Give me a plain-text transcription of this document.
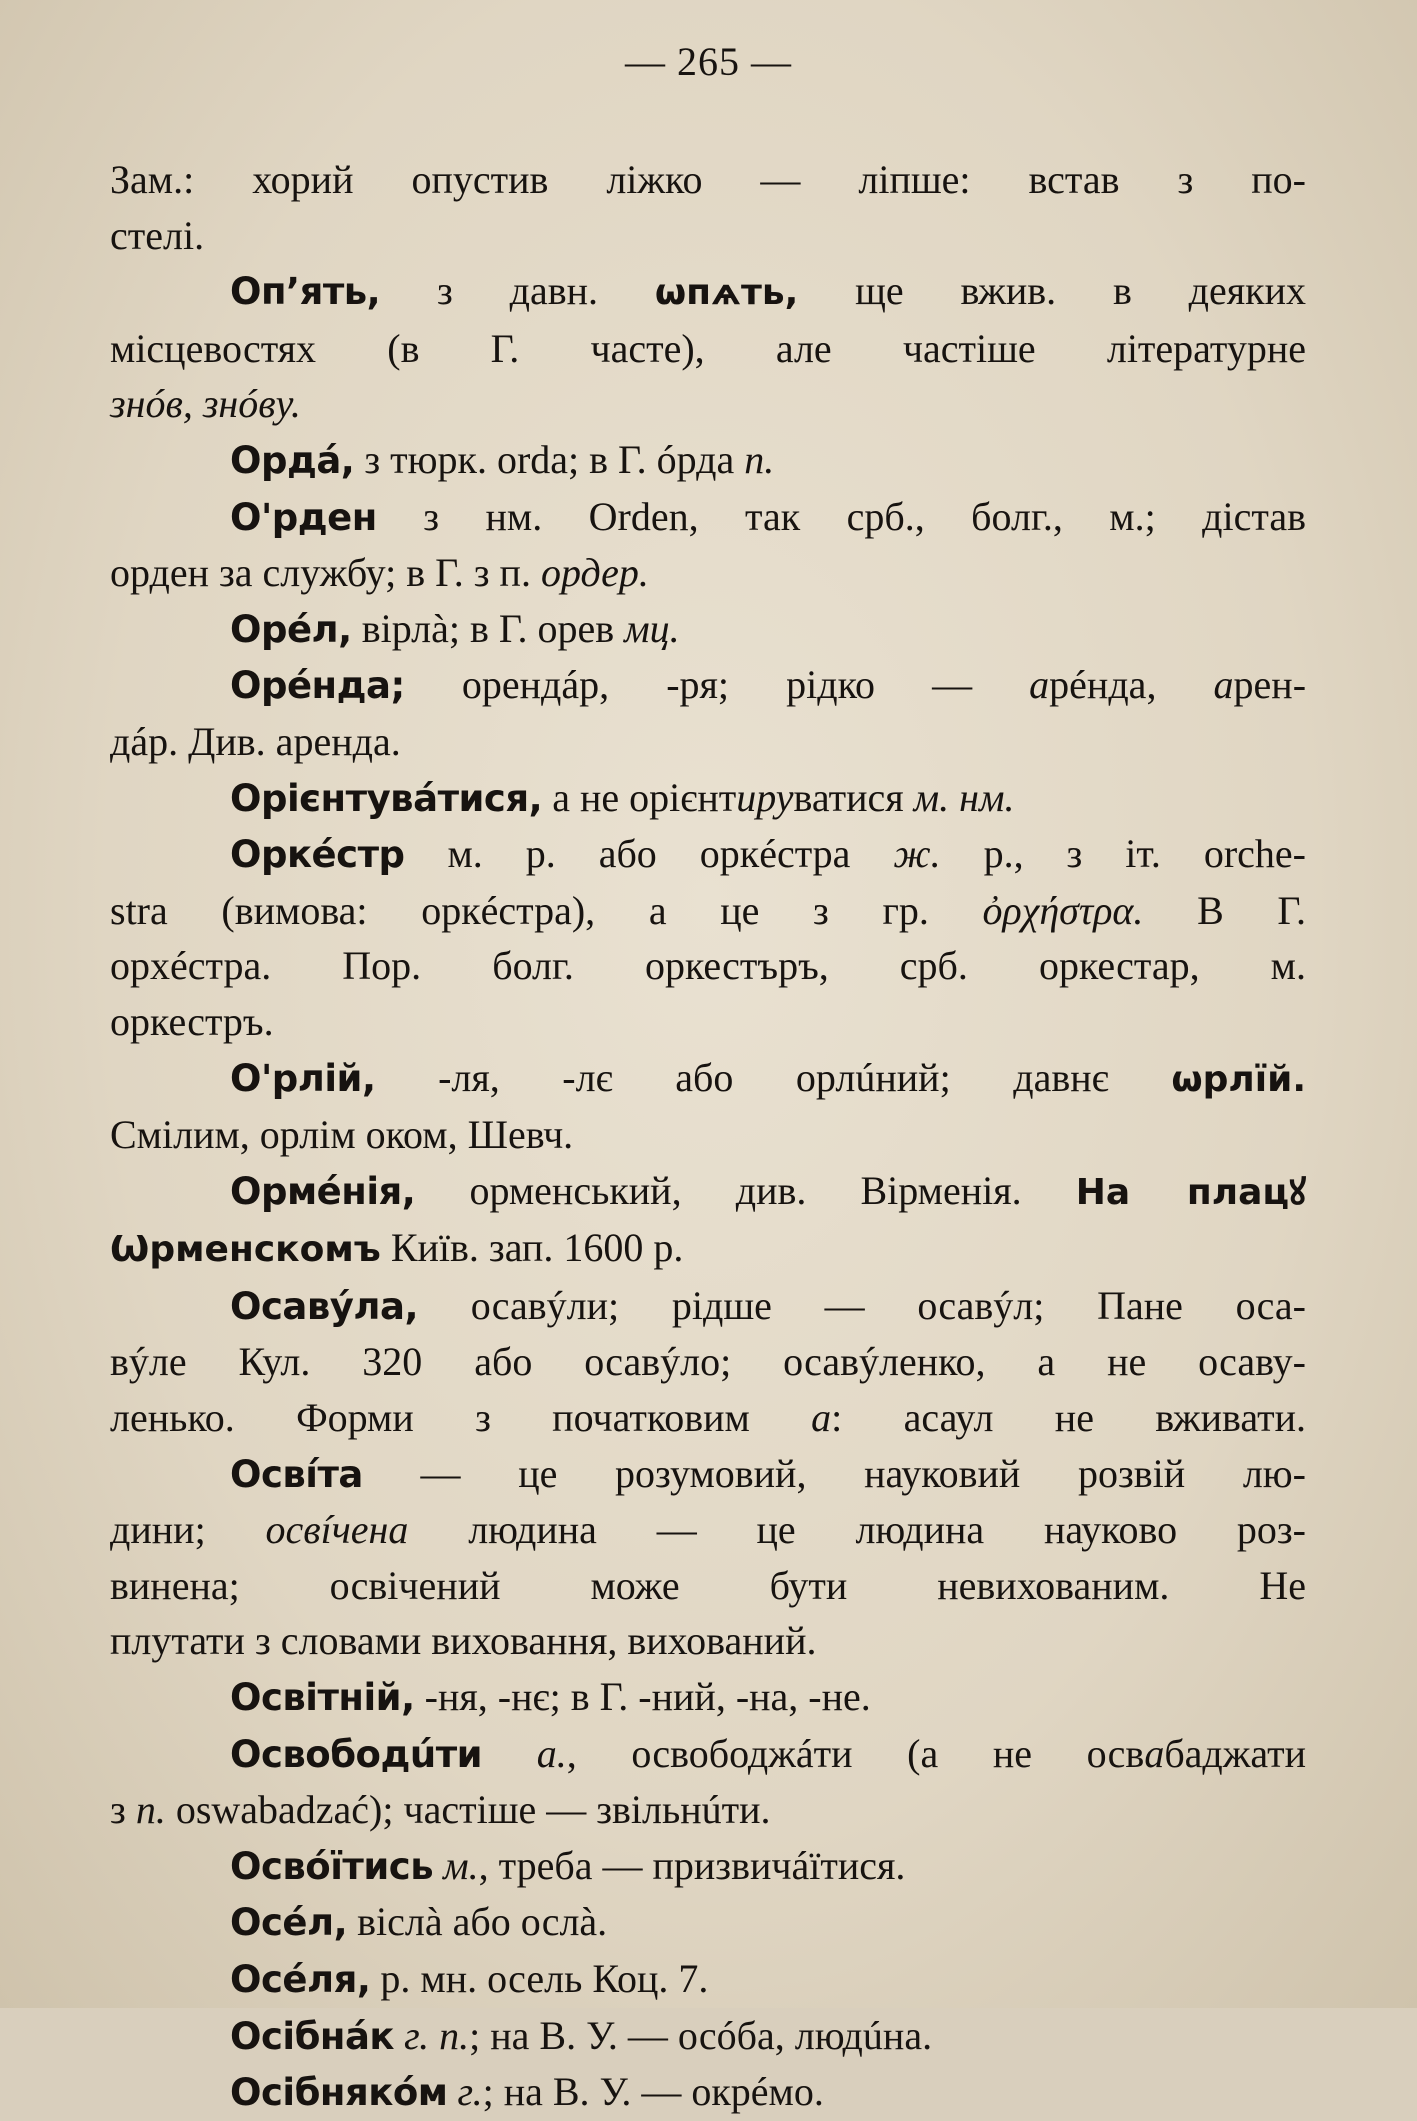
— 265 —
Зам.: хорий опустив ліжко — ліпше: встав з по-
стелі.
Оп’ять, з давн. ѡпѧть, ще вжив. в деяких
місцевостях (в Г. часте), але частіше літературне
знóв, знóву.
Ордá, з тюрк. orda; в Г. óрда п.
О'рден з нм. Orden, так срб., болг., м.; дістав
орден за службу; в Г. з п. ордер.
Орéл, вірлà; в Г. орев мц.
Орéнда; орендáр, -ря; рідко — арéнда, арен-
дáр. Див. аренда.
Орієнтувáтися, а не орієнтируватися м. нм.
Оркéстр м. р. або оркéстра ж. р., з іт. orche-
stra (вимова: оркéстра), а це з гр. ὀρχήστρα. В Г.
орхéстра. Пор. болг. оркестъръ, срб. оркестар, м.
оркестръ.
О'рлій, -ля, -лє або орлúний; давнє ѡрлїй.
Смілим, орлім оком, Шевч.
Ормéнія, орменський, див. Вірменія. На плацꙋ
Ѡрменскомъ Київ. зап. 1600 р.
Осавýла, осавýли; рідше — осавýл; Пане оса-
вýле Кул. 320 або осавýло; осавýленко, а не осаву-
ленько. Форми з початковим а: асаул не вживати.
Освíта — це розумовий, науковий розвій лю-
дини; освíчена людина — це людина науково роз-
винена; освічений може бути невихованим. Не
плутати з словами виховання, вихований.
Освітній, -ня, -нє; в Г. -ний, -на, -не.
Освободúти а., освободжáти (а не освабаджати
з п. oswabadzać); частіше — звільнúти.
Освóїтись м., треба — призвичáїтися.
Осéл, віслà або ослà.
Осéля, р. мн. осель Коц. 7.
Осібнáк г. п.; на В. У. — осóба, людúна.
Осібнякóм г.; на В. У. — окрéмо.
